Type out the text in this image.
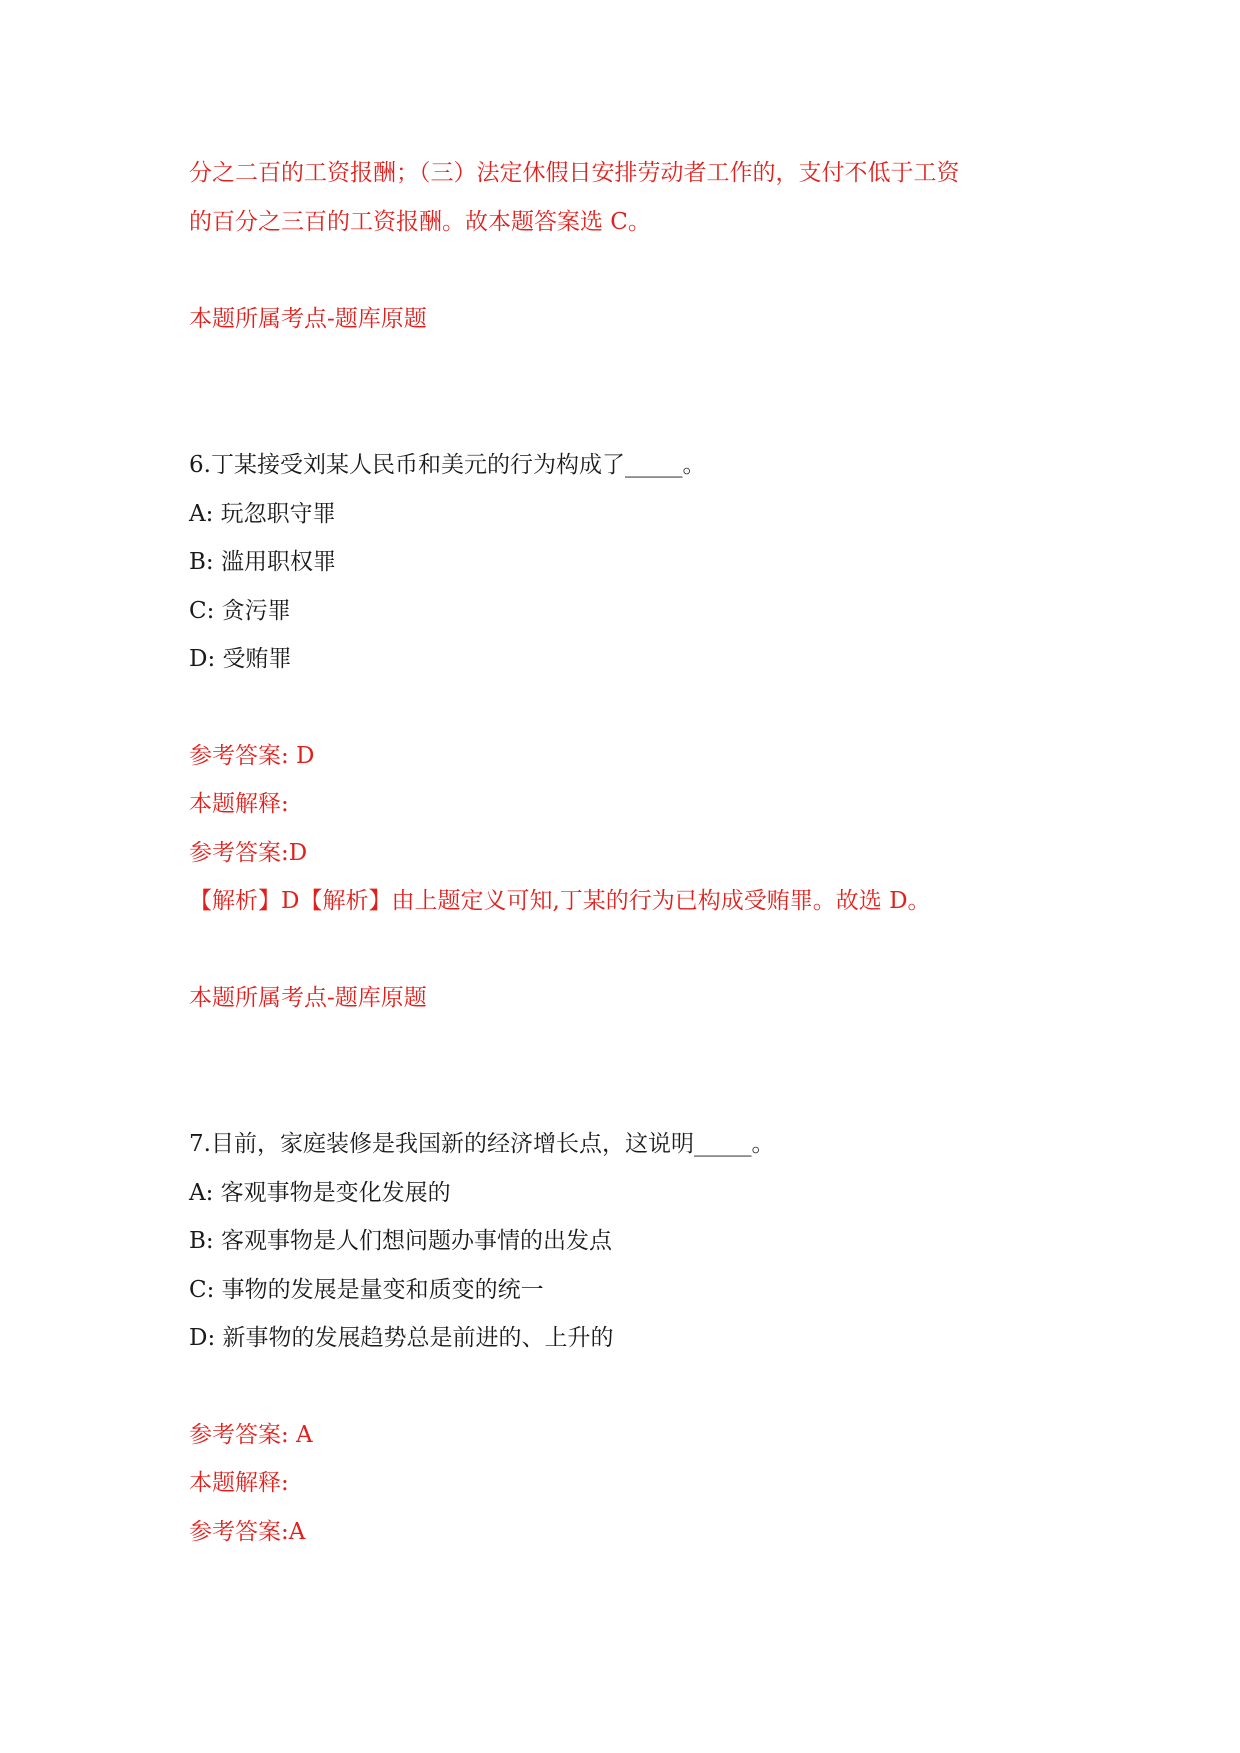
分之二百的工资报酬；（三）法定休假日安排劳动者工作的，支付不低于工资

的百分之三百的工资报酬。故本题答案选 C。

本题所属考点-题库原题

6.丁某接受刘某人民币和美元的行为构成了_____。

A: 玩忽职守罪

B: 滥用职权罪

C: 贪污罪

D: 受贿罪

参考答案: D

本题解释:

参考答案:D

【解析】D【解析】由上题定义可知,丁某的行为已构成受贿罪。故选 D。

本题所属考点-题库原题

7.目前，家庭装修是我国新的经济增长点，这说明_____。

A: 客观事物是变化发展的

B: 客观事物是人们想问题办事情的出发点

C: 事物的发展是量变和质变的统一

D: 新事物的发展趋势总是前进的、上升的

参考答案: A

本题解释:

参考答案:A
